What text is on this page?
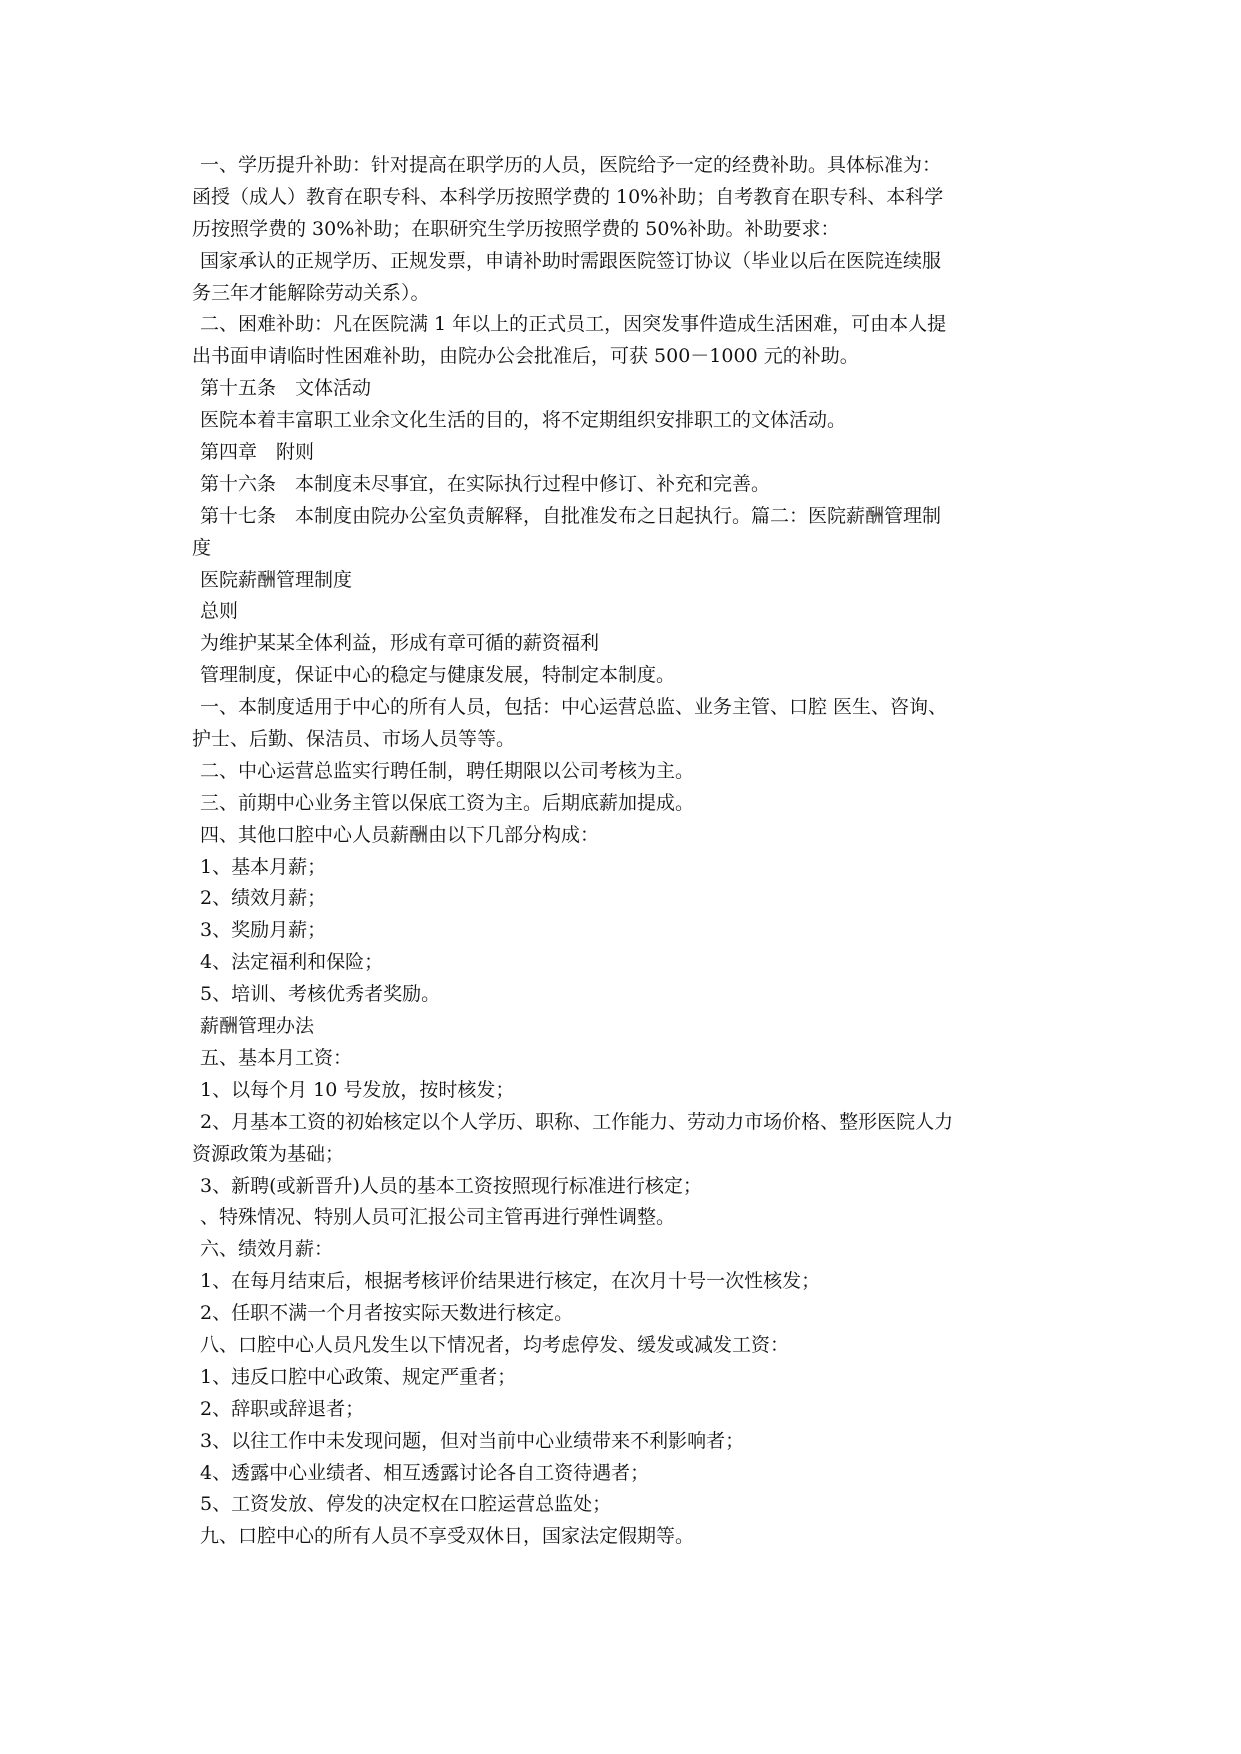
一、学历提升补助：针对提高在职学历的人员，医院给予一定的经费补助。具体标准为：
函授（成人）教育在职专科、本科学历按照学费的 10%补助；自考教育在职专科、本科学
历按照学费的 30%补助；在职研究生学历按照学费的 50%补助。补助要求：
国家承认的正规学历、正规发票，申请补助时需跟医院签订协议（毕业以后在医院连续服
务三年才能解除劳动关系）。
二、困难补助：凡在医院满 1 年以上的正式员工，因突发事件造成生活困难，可由本人提
出书面申请临时性困难补助，由院办公会批准后，可获 500－1000 元的补助。
第十五条　文体活动
医院本着丰富职工业余文化生活的目的，将不定期组织安排职工的文体活动。
第四章　附则
第十六条　本制度未尽事宜，在实际执行过程中修订、补充和完善。
第十七条　本制度由院办公室负责解释，自批准发布之日起执行。篇二：医院薪酬管理制
度
医院薪酬管理制度
总则
为维护某某全体利益，形成有章可循的薪资福利
管理制度，保证中心的稳定与健康发展，特制定本制度。
一、本制度适用于中心的所有人员，包括：中心运营总监、业务主管、口腔 医生、咨询、
护士、后勤、保洁员、市场人员等等。
二、中心运营总监实行聘任制，聘任期限以公司考核为主。
三、前期中心业务主管以保底工资为主。后期底薪加提成。
四、其他口腔中心人员薪酬由以下几部分构成：
1、基本月薪；
2、绩效月薪；
3、奖励月薪；
4、法定福利和保险；
5、培训、考核优秀者奖励。
薪酬管理办法
五、基本月工资：
1、以每个月 10 号发放，按时核发；
2、月基本工资的初始核定以个人学历、职称、工作能力、劳动力市场价格、整形医院人力
资源政策为基础；
3、新聘(或新晋升)人员的基本工资按照现行标准进行核定；
、特殊情况、特别人员可汇报公司主管再进行弹性调整。
六、绩效月薪：
1、在每月结束后，根据考核评价结果进行核定，在次月十号一次性核发；
2、任职不满一个月者按实际天数进行核定。
八、口腔中心人员凡发生以下情况者，均考虑停发、缓发或减发工资：
1、违反口腔中心政策、规定严重者；
2、辞职或辞退者；
3、以往工作中未发现问题，但对当前中心业绩带来不利影响者；
4、透露中心业绩者、相互透露讨论各自工资待遇者；
5、工资发放、停发的决定权在口腔运营总监处；
九、口腔中心的所有人员不享受双休日，国家法定假期等。
